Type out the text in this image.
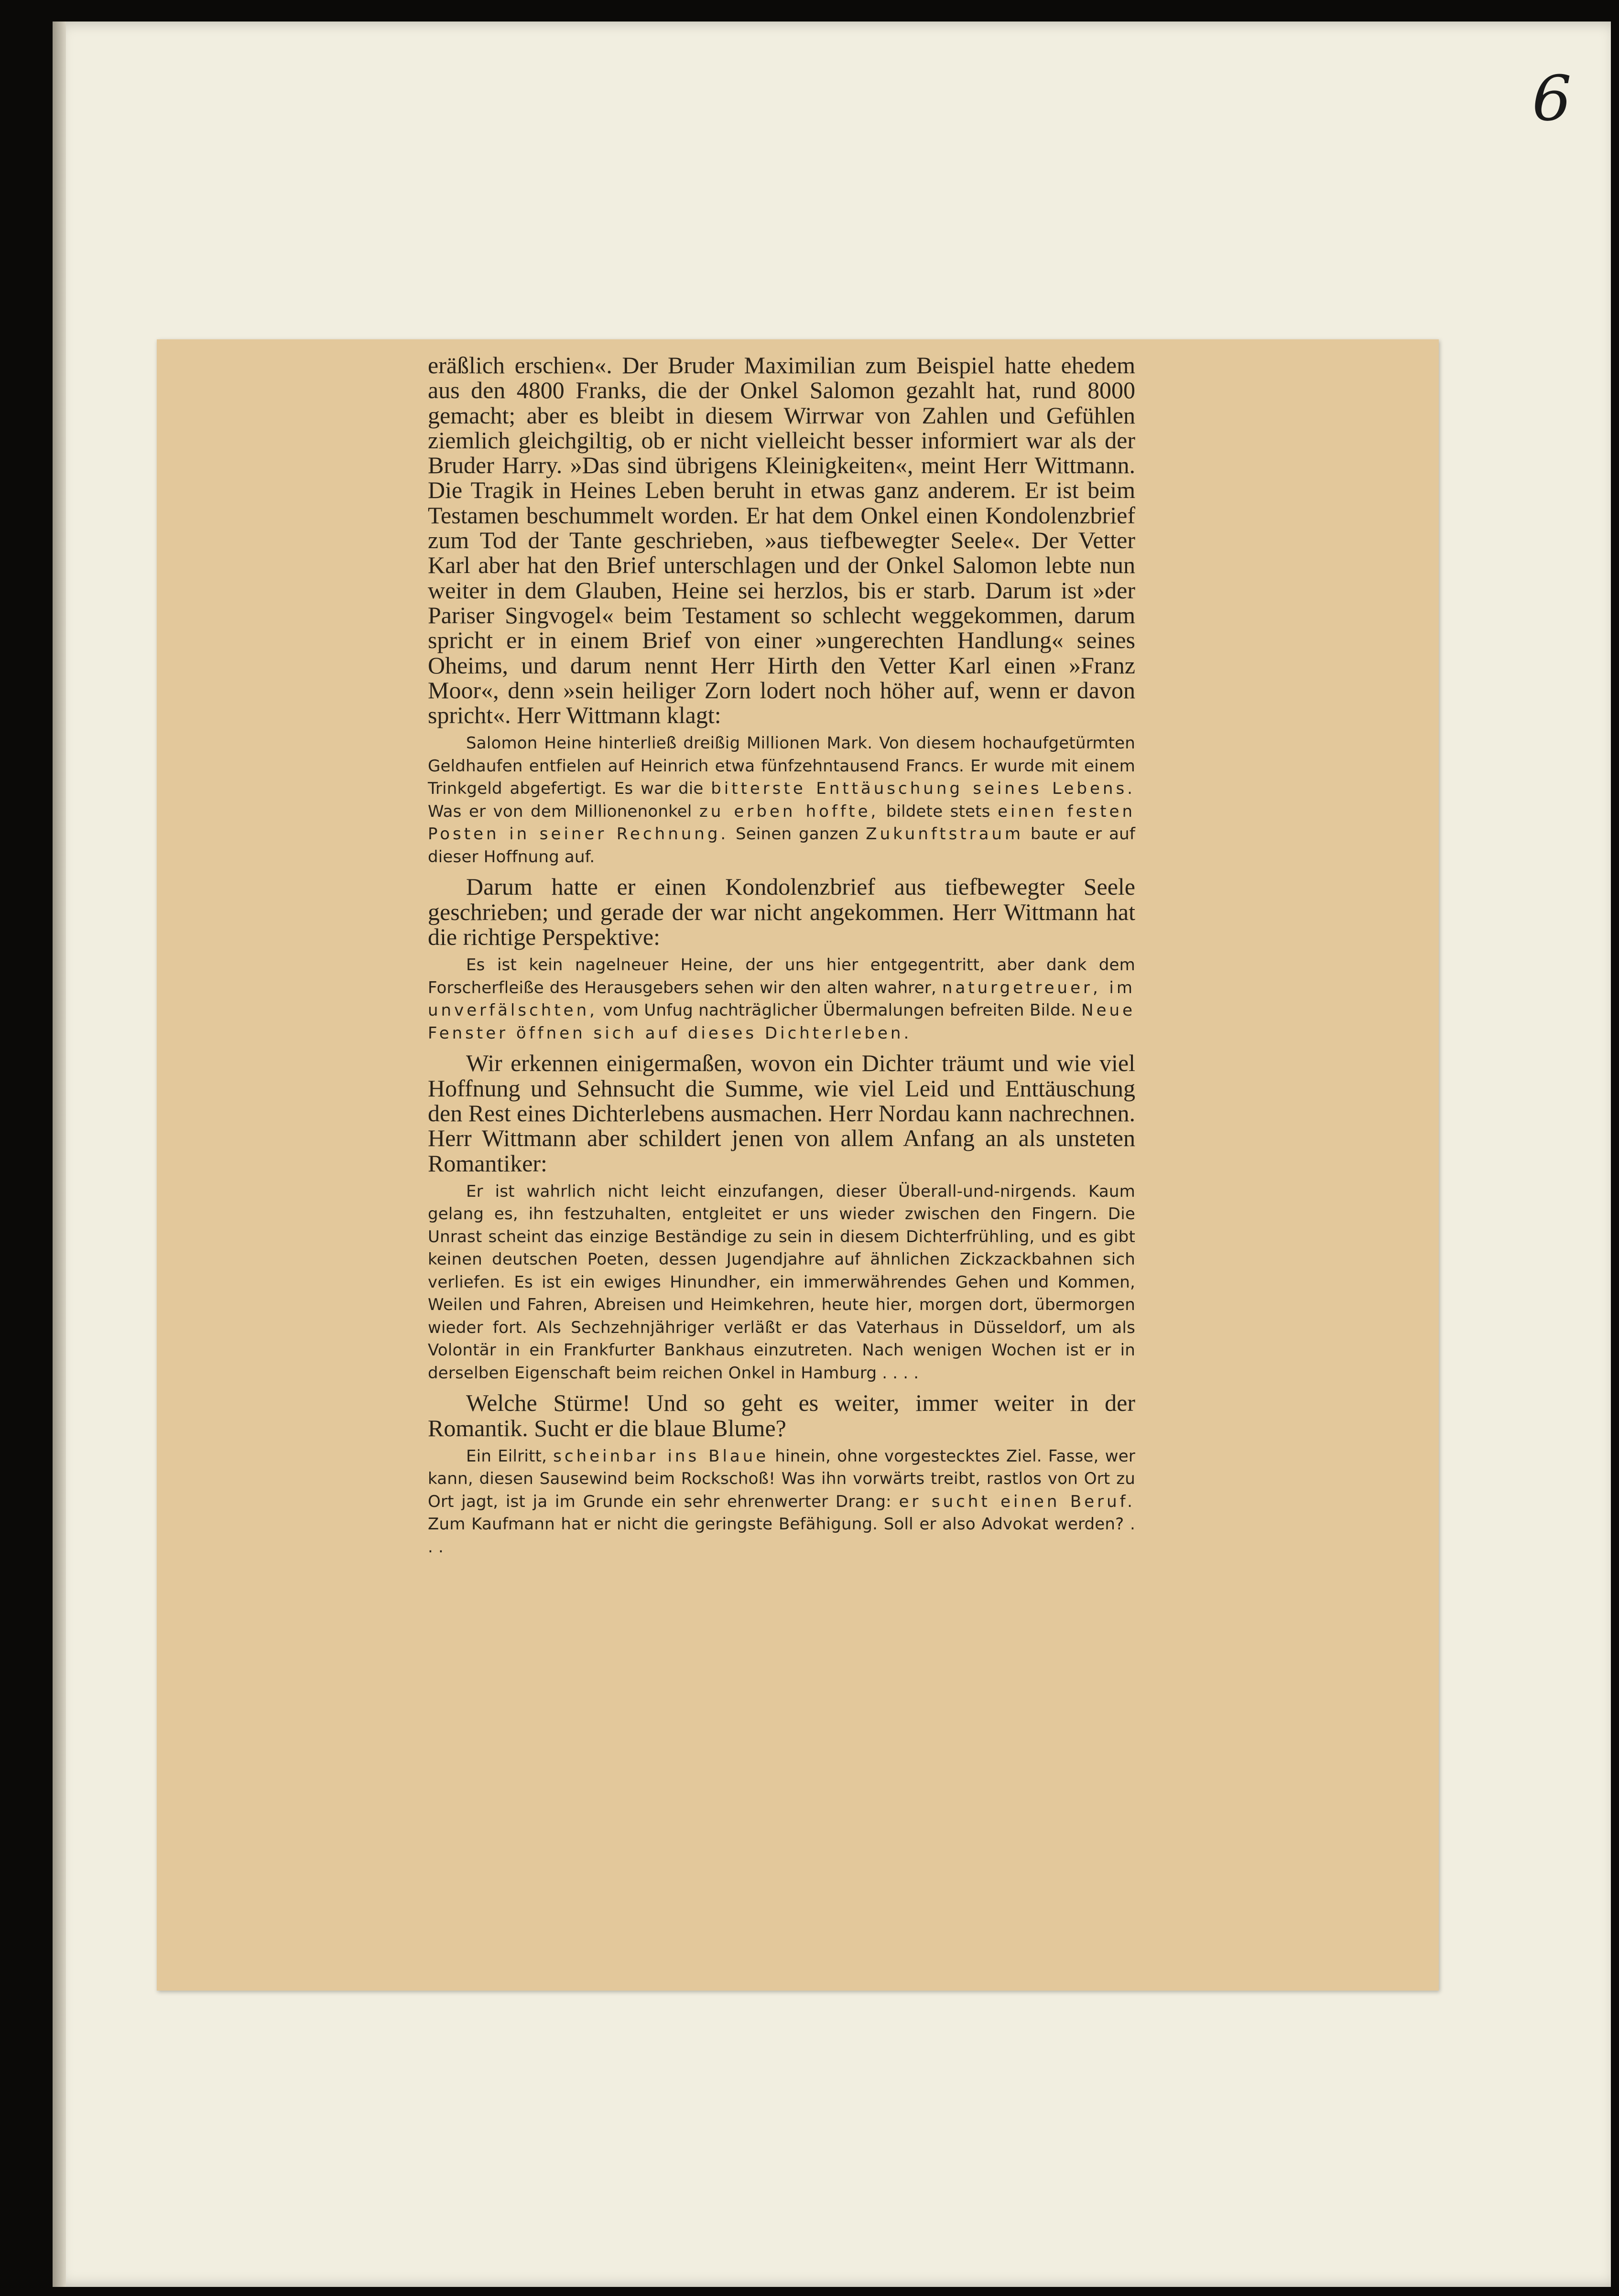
6

eräßlich erschien«. Der Bruder Maximilian zum Beispiel hatte ehedem aus den 4800 Franks, die der Onkel Salomon gezahlt hat, rund 8000 gemacht; aber es bleibt in diesem Wirrwar von Zahlen und Gefühlen ziemlich gleichgiltig, ob er nicht vielleicht besser informiert war als der Bruder Harry. »Das sind übrigens Kleinigkeiten«, meint Herr Wittmann. Die Tragik in Heines Leben beruht in etwas ganz anderem. Er ist beim Testamen beschummelt worden. Er hat dem Onkel einen Kondolenzbrief zum Tod der Tante geschrieben, »aus tiefbewegter Seele«. Der Vetter Karl aber hat den Brief unterschlagen und der Onkel Salomon lebte nun weiter in dem Glauben, Heine sei herzlos, bis er starb. Darum ist »der Pariser Singvogel« beim Testament so schlecht weggekommen, darum spricht er in einem Brief von einer »ungerechten Handlung« seines Oheims, und darum nennt Herr Hirth den Vetter Karl einen »Franz Moor«, denn »sein heiliger Zorn lodert noch höher auf, wenn er davon spricht«. Herr Wittmann klagt:

Salomon Heine hinterließ dreißig Millionen Mark. Von diesem hochaufgetürmten Geldhaufen entfielen auf Heinrich etwa fünfzehntausend Francs. Er wurde mit einem Trinkgeld abgefertigt. Es war die bitterste Enttäuschung seines Lebens. Was er von dem Millionenonkel zu erben hoffte, bildete stets einen festen Posten in seiner Rechnung. Seinen ganzen Zukunftstraum baute er auf dieser Hoffnung auf.

Darum hatte er einen Kondolenzbrief aus tiefbewegter Seele geschrieben; und gerade der war nicht angekommen. Herr Wittmann hat die richtige Perspektive:

Es ist kein nagelneuer Heine, der uns hier entgegentritt, aber dank dem Forscherfleiße des Herausgebers sehen wir den alten wahrer, naturgetreuer, im unverfälschten, vom Unfug nachträglicher Übermalungen befreiten Bilde. Neue Fenster öffnen sich auf dieses Dichterleben.

Wir erkennen einigermaßen, wovon ein Dichter träumt und wie viel Hoffnung und Sehnsucht die Summe, wie viel Leid und Enttäuschung den Rest eines Dichterlebens ausmachen. Herr Nordau kann nachrechnen. Herr Wittmann aber schildert jenen von allem Anfang an als unsteten Romantiker:

Er ist wahrlich nicht leicht einzufangen, dieser Überall-und-nirgends. Kaum gelang es, ihn festzuhalten, entgleitet er uns wieder zwischen den Fingern. Die Unrast scheint das einzige Beständige zu sein in diesem Dichterfrühling, und es gibt keinen deutschen Poeten, dessen Jugendjahre auf ähnlichen Zickzackbahnen sich verliefen. Es ist ein ewiges Hinundher, ein immerwährendes Gehen und Kommen, Weilen und Fahren, Abreisen und Heimkehren, heute hier, morgen dort, übermorgen wieder fort. Als Sechzehnjähriger verläßt er das Vaterhaus in Düsseldorf, um als Volontär in ein Frankfurter Bankhaus einzutreten. Nach wenigen Wochen ist er in derselben Eigenschaft beim reichen Onkel in Hamburg . . . .

Welche Stürme! Und so geht es weiter, immer weiter in der Romantik. Sucht er die blaue Blume?

Ein Eilritt, scheinbar ins Blaue hinein, ohne vorgestecktes Ziel. Fasse, wer kann, diesen Sausewind beim Rockschoß! Was ihn vorwärts treibt, rastlos von Ort zu Ort jagt, ist ja im Grunde ein sehr ehrenwerter Drang: er sucht einen Beruf. Zum Kaufmann hat er nicht die geringste Befähigung. Soll er also Advokat werden? . . .
